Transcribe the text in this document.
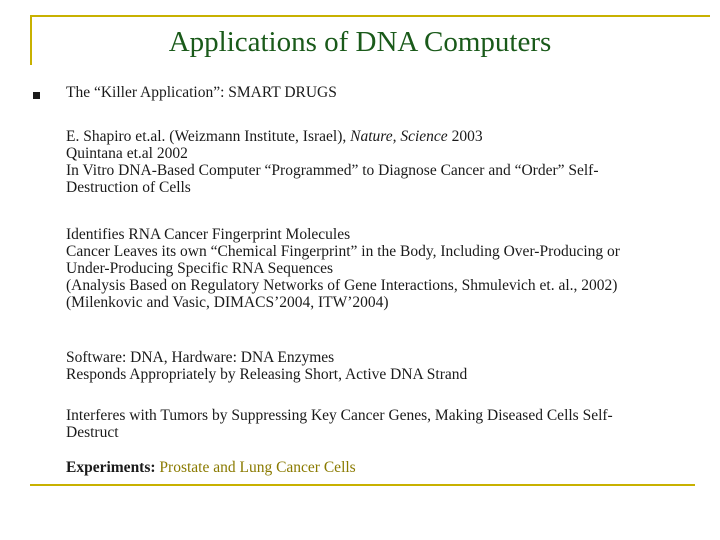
Applications of DNA Computers
The “Killer Application”: SMART DRUGS
E. Shapiro et.al. (Weizmann Institute, Israel), Nature, Science 2003
Quintana et.al 2002
In Vitro DNA-Based Computer “Programmed” to Diagnose Cancer and “Order” Self-
Destruction of Cells
Identifies RNA Cancer Fingerprint Molecules
Cancer Leaves its own “Chemical Fingerprint” in the Body, Including Over-Producing or
Under-Producing Specific RNA Sequences
(Analysis Based on Regulatory Networks of Gene Interactions, Shmulevich et. al., 2002)
(Milenkovic and Vasic, DIMACS’2004, ITW’2004)
Software: DNA, Hardware: DNA Enzymes
Responds Appropriately by Releasing Short, Active DNA Strand
Interferes with Tumors by Suppressing Key Cancer Genes, Making Diseased Cells Self-
Destruct
Experiments: Prostate and Lung Cancer Cells
